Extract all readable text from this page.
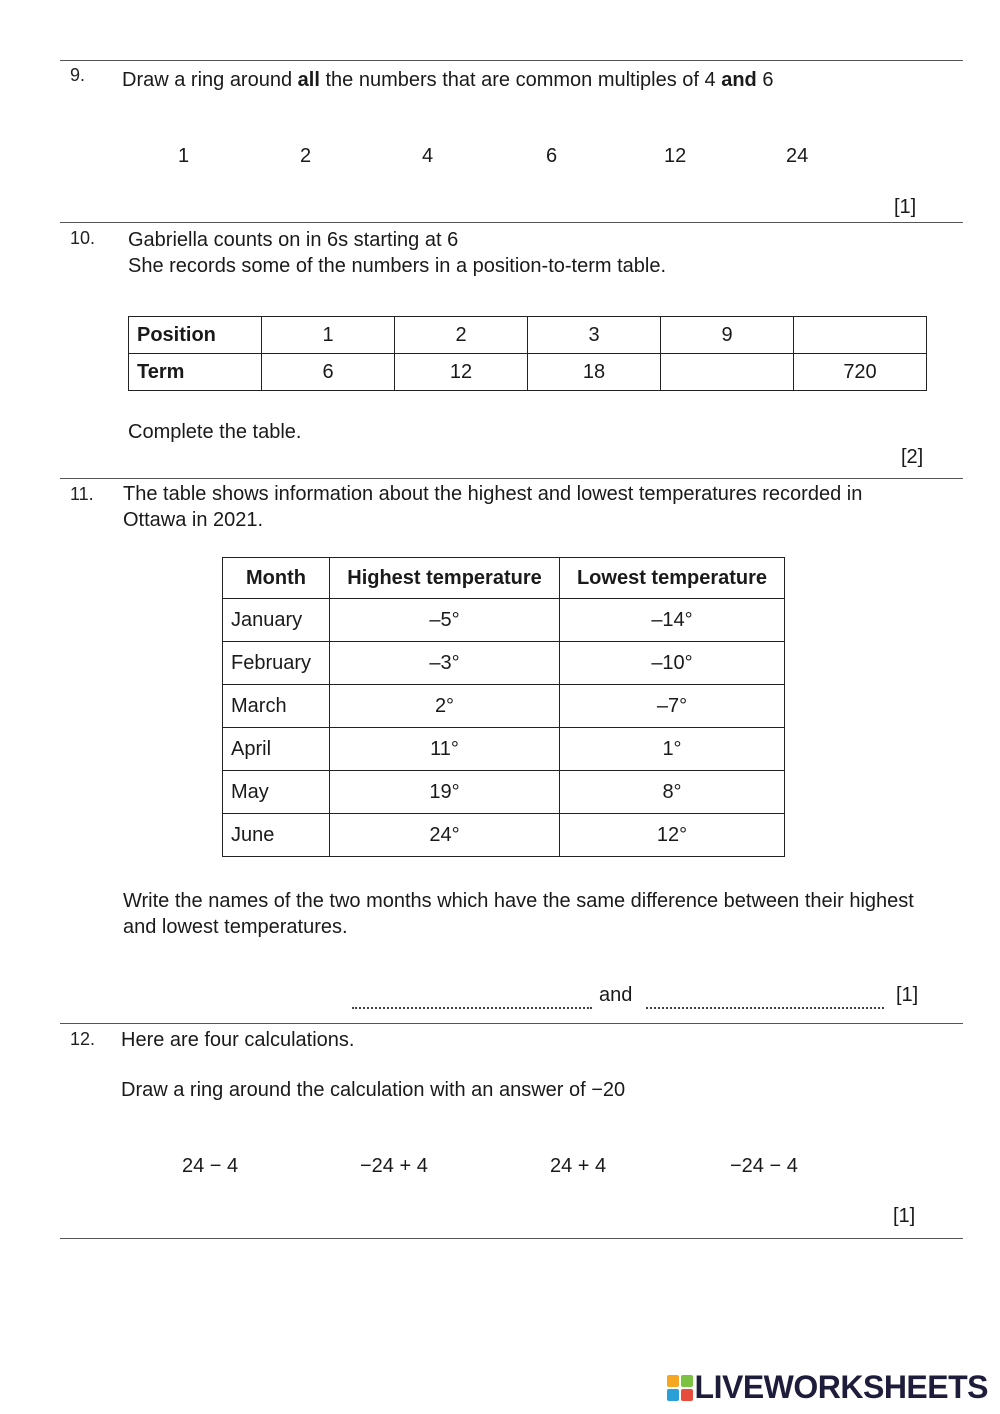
9. Draw a ring around all the numbers that are common multiples of 4 and 6
1	2	4	6	12	24
[1]
10. Gabriella counts on in 6s starting at 6
She records some of the numbers in a position-to-term table.
Position	1	2	3	9	
Term	6	12	18		720
Complete the table.
[2]
11. The table shows information about the highest and lowest temperatures recorded in Ottawa in 2021.
Month	Highest temperature	Lowest temperature
January	–5°	–14°
February	–3°	–10°
March	2°	–7°
April	11°	1°
May	19°	8°
June	24°	12°
Write the names of the two months which have the same difference between their highest and lowest temperatures.
and	[1]
12. Here are four calculations.
Draw a ring around the calculation with an answer of −20
24 − 4	−24 + 4	24 + 4	−24 − 4
[1]
LIVEWORKSHEETS
